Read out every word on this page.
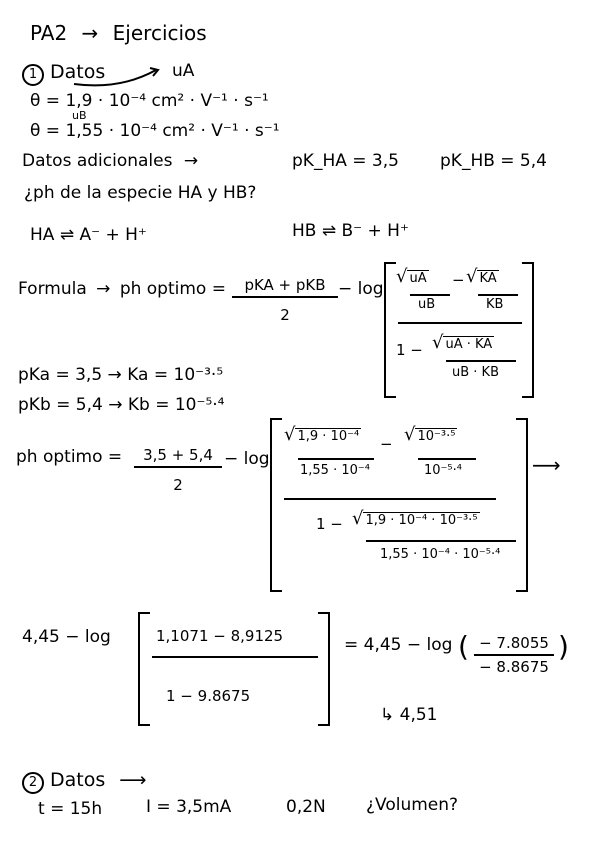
PA2 → Ejercicios
1 Datos	uA
θ = 1,9 · 10⁻⁴ cm² · V⁻¹ · s⁻¹
uB
θ = 1,55 · 10⁻⁴ cm² · V⁻¹ · s⁻¹
Datos adicionales →	pK_HA = 3,5 pK_HB = 5,4
¿ph de la especie HA y HB?
HA ⇌ A⁻ + H⁺	HB ⇌ B⁻ + H⁺
Formula → ph optimo = pKA + pKB
2
− log
√ uA
uB
− √ KA
KB
1 − √ uA · KA
uB · KB
pKa = 3,5 → Ka = 10⁻³·⁵
pKb = 5,4 → Kb = 10⁻⁵·⁴
ph optimo = 3,5 + 5,4
2
− log
√ 1,9 · 10⁻⁴
1,55 · 10⁻⁴
− √ 10⁻³·⁵
10⁻⁵·⁴
1 − √ 1,9 · 10⁻⁴ · 10⁻³·⁵
1,55 · 10⁻⁴ · 10⁻⁵·⁴
⟶
4,45 − log	1,1071 − 8,9125
1 − 9.8675
= 4,45 − log ( − 7.8055
− 8.8675
)
↳ 4,51
2 Datos ⟶
t = 15h	I = 3,5mA	0,2N ¿Volumen?
